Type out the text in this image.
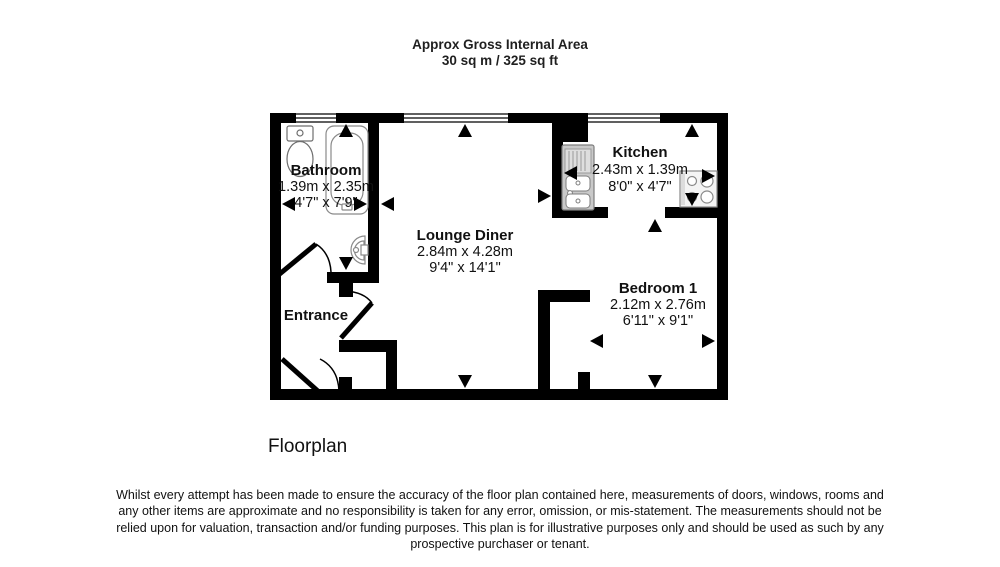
Approx Gross Internal Area
30 sq m / 325 sq ft
Bathroom
1.39m x 2.35m
4'7" x 7'9"
Kitchen
2.43m x 1.39m
8'0" x 4'7"
Lounge Diner
2.84m x 4.28m
9'4" x 14'1"
Bedroom 1
2.12m x 2.76m
6'11" x 9'1"
Entrance
Floorplan
Whilst every attempt has been made to ensure the accuracy of the floor plan contained here, measurements of doors, windows, rooms and any other items are approximate and no responsibility is taken for any error, omission, or mis-statement. The measurements should not be relied upon for valuation, transaction and/or funding purposes. This plan is for illustrative purposes only and should be used as such by any prospective purchaser or tenant.
